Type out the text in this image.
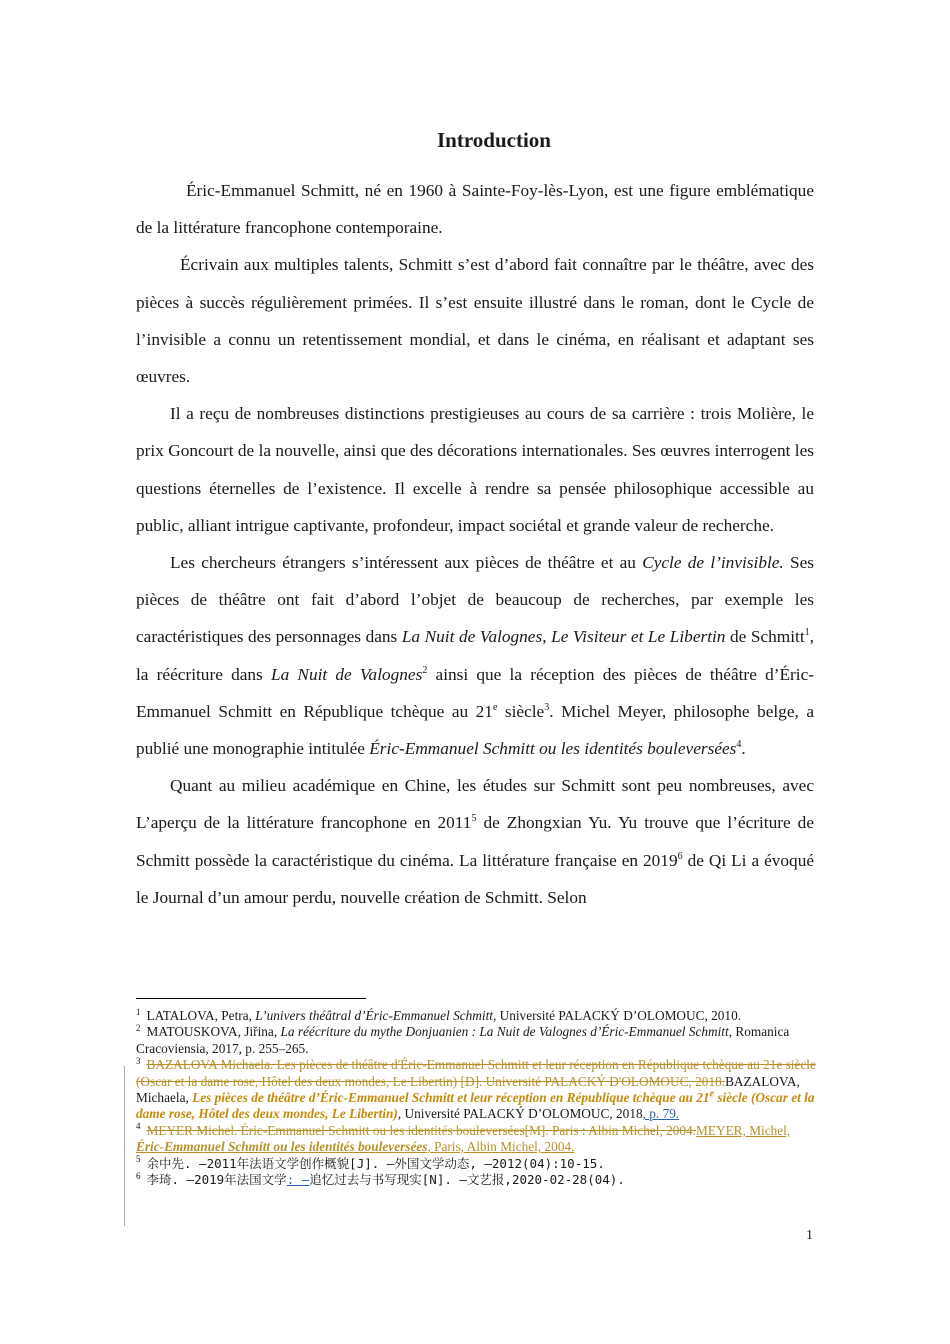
Introduction

Éric-Emmanuel Schmitt, né en 1960 à Sainte-Foy-lès-Lyon, est une figure emblématique de la littérature francophone contemporaine.

Écrivain aux multiples talents, Schmitt s’est d’abord fait connaître par le théâtre, avec des pièces à succès régulièrement primées. Il s’est ensuite illustré dans le roman, dont le Cycle de l’invisible a connu un retentissement mondial, et dans le cinéma, en réalisant et adaptant ses œuvres.

Il a reçu de nombreuses distinctions prestigieuses au cours de sa carrière : trois Molière, le prix Goncourt de la nouvelle, ainsi que des décorations internationales. Ses œuvres interrogent les questions éternelles de l’existence. Il excelle à rendre sa pensée philosophique accessible au public, alliant intrigue captivante, profondeur, impact sociétal et grande valeur de recherche.

Les chercheurs étrangers s’intéressent aux pièces de théâtre et au Cycle de l’invisible. Ses pièces de théâtre ont fait d’abord l’objet de beaucoup de recherches, par exemple les caractéristiques des personnages dans La Nuit de Valognes, Le Visiteur et Le Libertin de Schmitt$^1$, la réécriture dans La Nuit de Valognes$^2$ ainsi que la réception des pièces de théâtre d’Éric-Emmanuel Schmitt en République tchèque au 21e siècle$^3$. Michel Meyer, philosophe belge, a publié une monographie intitulée Éric-Emmanuel Schmitt ou les identités bouleversées$^4$.

Quant au milieu académique en Chine, les études sur Schmitt sont peu nombreuses, avec L’aperçu de la littérature francophone en 2011$^5$ de Zhongxian Yu. Yu trouve que l’écriture de Schmitt possède la caractéristique du cinéma. La littérature française en 2019$^6$ de Qi Li a évoqué le Journal d’un amour perdu, nouvelle création de Schmitt. Selon

$^1$ LATALOVA, Petra, L’univers théâtral d’Éric-Emmanuel Schmitt, Université PALACKÝ D’OLOMOUC, 2010.

$^2$ MATOUSKOVA, Jiřina, La réécriture du mythe Donjuanien : La Nuit de Valognes d’Éric-Emmanuel Schmitt, Romanica Cracoviensia, 2017, p. 255–265.

$^3$ BAZALOVA Michaela. Les pièces de théâtre d'Éric-Emmanuel Schmitt et leur réception en République tchèque au 21e siècle (Oscar et la dame rose, Hôtel des deux mondes, Le Libertin) [D]. Université PALACKÝ D'OLOMOUC, 2018.BAZALOVA, Michaela, Les pièces de théâtre d’Éric-Emmanuel Schmitt et leur réception en République tchèque au 21e siècle (Oscar et la dame rose, Hôtel des deux mondes, Le Libertin), Université PALACKÝ D’OLOMOUC, 2018, p. 79.

$^4$ MEYER Michel. Éric-Emmanuel Schmitt ou les identités bouleversées[M]. Paris : Albin Michel, 2004.MEYER, Michel, Éric-Emmanuel Schmitt ou les identités bouleversées, Paris, Albin Michel, 2004.

$^5$ 余中先. ‒2011年法语文学创作概貌[J]. ‒外国文学动态, ‒2012(04):10-15.

$^6$ 李琦. ‒2019年法国文学: ‒追忆过去与书写现实[N]. ‒文艺报,2020-02-28(04).

1
